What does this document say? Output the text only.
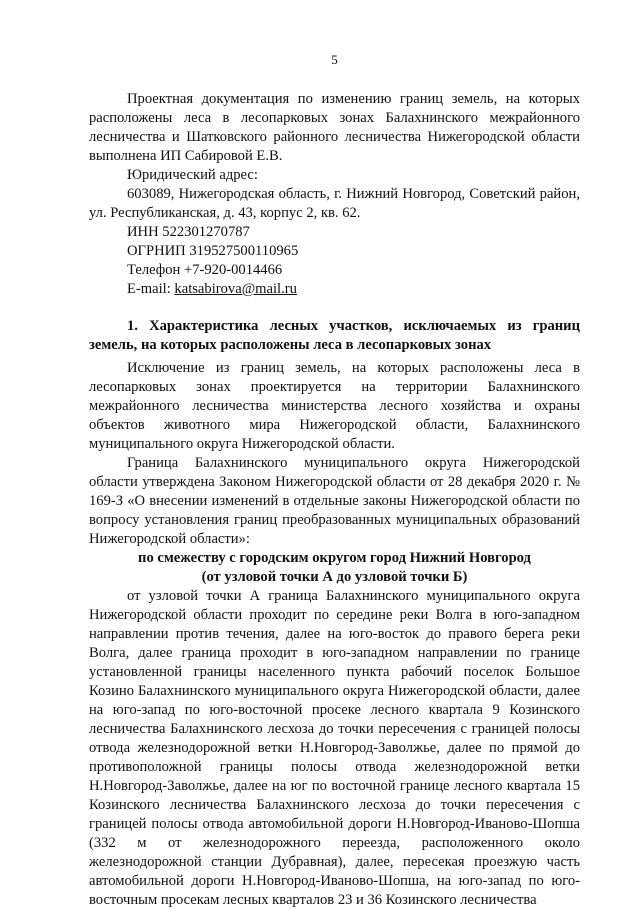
5

Проектная документация по изменению границ земель, на которых расположены леса в лесопарковых зонах Балахнинского межрайонного лесничества и Шатковского районного лесничества Нижегородской области выполнена ИП Сабировой Е.В.

Юридический адрес:

603089, Нижегородская область, г. Нижний Новгород, Советский район, ул. Республиканская, д. 43, корпус 2, кв. 62.

ИНН 522301270787

ОГРНИП 319527500110965

Телефон +7-920-0014466

E-mail: katsabirova@mail.ru

1. Характеристика лесных участков, исключаемых из границ земель, на которых расположены леса в лесопарковых зонах

Исключение из границ земель, на которых расположены леса в лесопарковых зонах проектируется на территории Балахнинского межрайонного лесничества министерства лесного хозяйства и охраны объектов животного мира Нижегородской области, Балахнинского муниципального округа Нижегородской области.

Граница Балахнинского муниципального округа Нижегородской области утверждена Законом Нижегородской области от 28 декабря 2020 г. № 169-З «О внесении изменений в отдельные законы Нижегородской области по вопросу установления границ преобразованных муниципальных образований Нижегородской области»:

по смежеству с городским округом город Нижний Новгород

(от узловой точки А до узловой точки Б)

от узловой точки А граница Балахнинского муниципального округа Нижегородской области проходит по середине реки Волга в юго-западном направлении против течения, далее на юго-восток до правого берега реки Волга, далее граница проходит в юго-западном направлении по границе установленной границы населенного пункта рабочий поселок Большое Козино Балахнинского муниципального округа Нижегородской области, далее на юго-запад по юго-восточной просеке лесного квартала 9 Козинского лесничества Балахнинского лесхоза до точки пересечения с границей полосы отвода железнодорожной ветки Н.Новгород-Заволжье, далее по прямой до противоположной границы полосы отвода железнодорожной ветки Н.Новгород-Заволжье, далее на юг по восточной границе лесного квартала 15 Козинского лесничества Балахнинского лесхоза до точки пересечения с границей полосы отвода автомобильной дороги Н.Новгород-Иваново-Шопша (332 м от железнодорожного переезда, расположенного около железнодорожной станции Дубравная), далее, пересекая проезжую часть автомобильной дороги Н.Новгород-Иваново-Шопша, на юго-запад по юго-восточным просекам лесных кварталов 23 и 36 Козинского лесничества
